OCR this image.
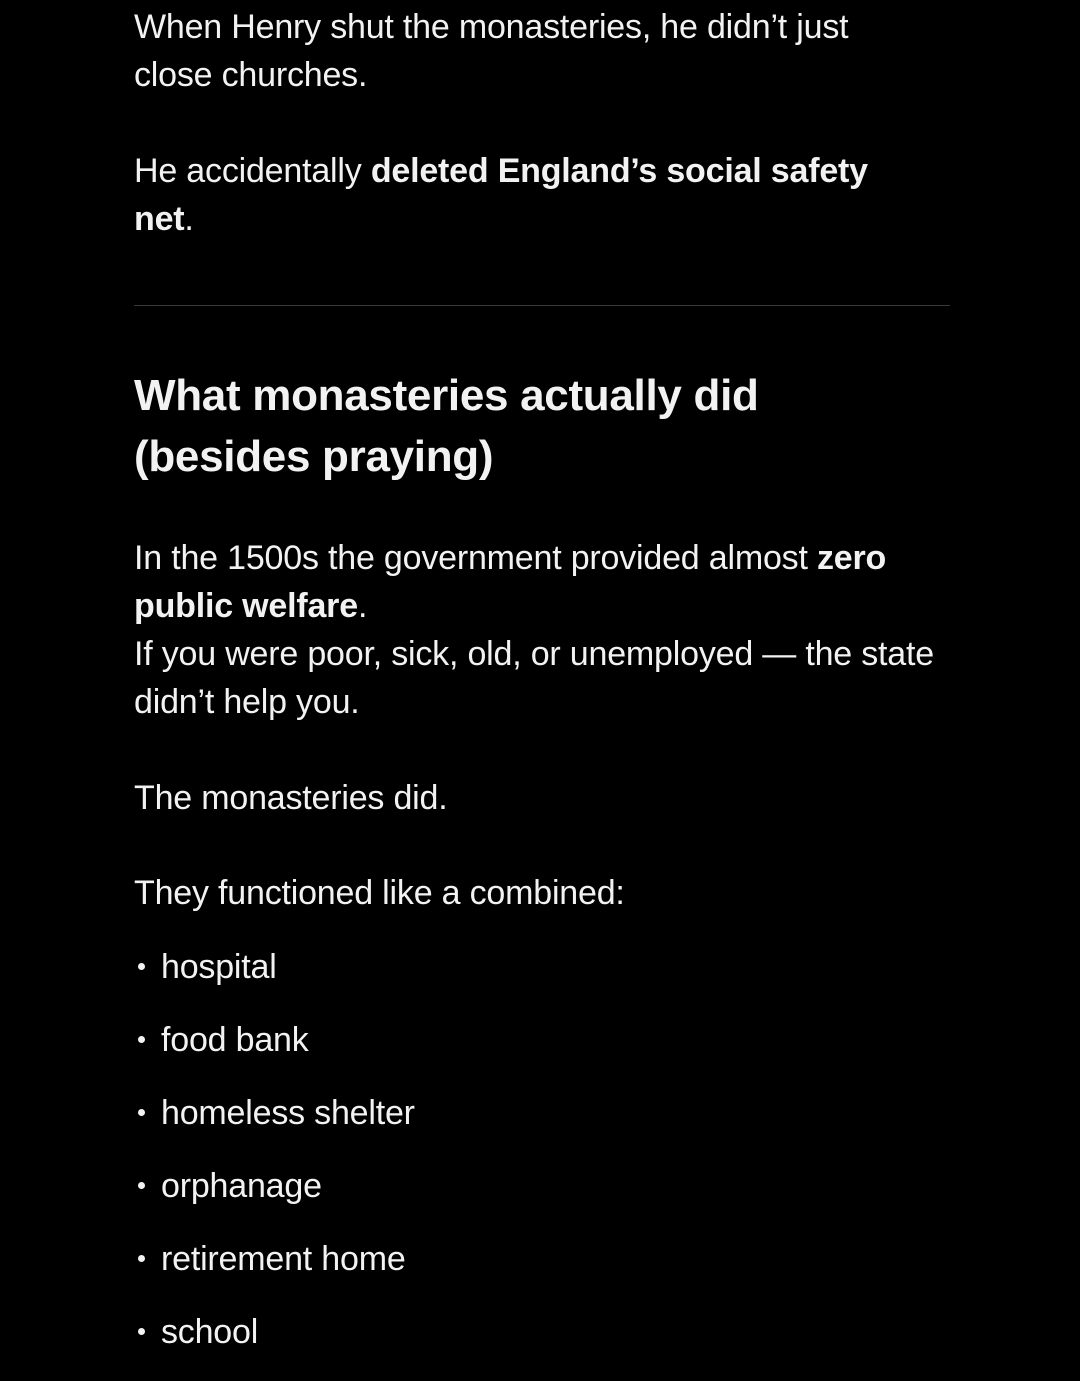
When Henry shut the monasteries, he didn’t just close churches.

He accidentally deleted England’s social safety net.

What monasteries actually did (besides praying)

In the 1500s the government provided almost zero public welfare.
If you were poor, sick, old, or unemployed — the state didn’t help you.

The monasteries did.

They functioned like a combined:

hospital
food bank
homeless shelter
orphanage
retirement home
school
